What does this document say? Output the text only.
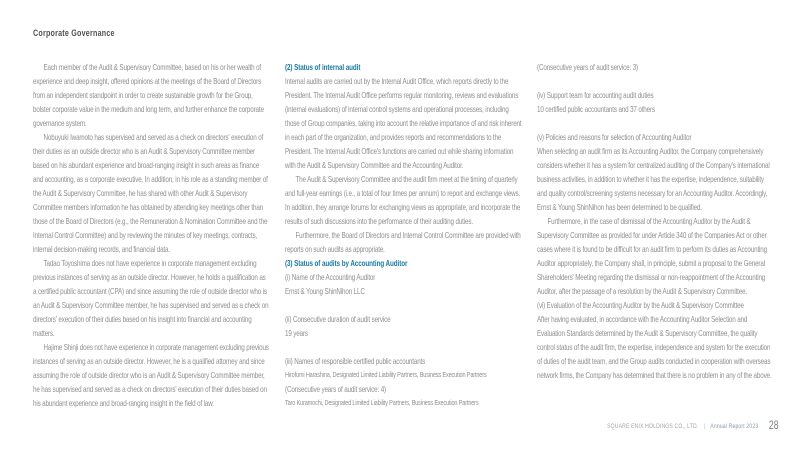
Corporate Governance

Each member of the Audit & Supervisory Committee, based on his or her wealth of experience and deep insight, offered opinions at the meetings of the Board of Directors from an independent standpoint in order to create sustainable growth for the Group, bolster corporate value in the medium and long term, and further enhance the corporate governance system.

Nobuyuki Iwamoto has supervised and served as a check on directors' execution of their duties as an outside director who is an Audit & Supervisory Committee member based on his abundant experience and broad-ranging insight in such areas as finance and accounting, as a corporate executive. In addition, in his role as a standing member of the Audit & Supervisory Committee, he has shared with other Audit & Supervisory Committee members information he has obtained by attending key meetings other than those of the Board of Directors (e.g., the Remuneration & Nomination Committee and the Internal Control Committee) and by reviewing the minutes of key meetings, contracts, internal decision-making records, and financial data.

Tadao Toyoshima does not have experience in corporate management excluding previous instances of serving as an outside director. However, he holds a qualification as a certified public accountant (CPA) and since assuming the role of outside director who is an Audit & Supervisory Committee member, he has supervised and served as a check on directors' execution of their duties based on his insight into financial and accounting matters.

Hajime Shinji does not have experience in corporate management excluding previous instances of serving as an outside director. However, he is a qualified attorney and since assuming the role of outside director who is an Audit & Supervisory Committee member, he has supervised and served as a check on directors' execution of their duties based on his abundant experience and broad-ranging insight in the field of law.

(2) Status of internal audit

Internal audits are carried out by the Internal Audit Office, which reports directly to the President. The Internal Audit Office performs regular monitoring, reviews and evaluations (internal evaluations) of internal control systems and operational processes, including those of Group companies, taking into account the relative importance of and risk inherent in each part of the organization, and provides reports and recommendations to the President. The Internal Audit Office's functions are carried out while sharing information with the Audit & Supervisory Committee and the Accounting Auditor.

The Audit & Supervisory Committee and the audit firm meet at the timing of quarterly and full-year earnings (i.e., a total of four times per annum) to report and exchange views. In addition, they arrange forums for exchanging views as appropriate, and incorporate the results of such discussions into the performance of their auditing duties.

Furthermore, the Board of Directors and Internal Control Committee are provided with reports on such audits as appropriate.

(3) Status of audits by Accounting Auditor

(i) Name of the Accounting Auditor
Ernst & Young ShinNihon LLC
(ii) Consecutive duration of audit service
19 years
(iii) Names of responsible certified public accountants
Hirofumi Harashina, Designated Limited Liability Partners, Business Execution Partners
(Consecutive years of audit service: 4)
Taro Kuramochi, Designated Limited Liability Partners, Business Execution Partners
(Consecutive years of audit service: 3)
(iv) Support team for accounting audit duties
10 certified public accountants and 37 others
(v) Policies and reasons for selection of Accounting Auditor

When selecting an audit firm as its Accounting Auditor, the Company comprehensively considers whether it has a system for centralized auditing of the Company's international business activities, in addition to whether it has the expertise, independence, suitability and quality control/screening systems necessary for an Accounting Auditor. Accordingly, Ernst & Young ShinNihon has been determined to be qualified.

Furthermore, in the case of dismissal of the Accounting Auditor by the Audit & Supervisory Committee as provided for under Article 340 of the Companies Act or other cases where it is found to be difficult for an audit firm to perform its duties as Accounting Auditor appropriately, the Company shall, in principle, submit a proposal to the General Shareholders' Meeting regarding the dismissal or non-reappointment of the Accounting Auditor, after the passage of a resolution by the Audit & Supervisory Committee.

(vi) Evaluation of the Accounting Auditor by the Audit & Supervisory Committee

After having evaluated, in accordance with the Accounting Auditor Selection and Evaluation Standards determined by the Audit & Supervisory Committee, the quality control status of the audit firm, the expertise, independence and system for the execution of duties of the audit team, and the Group audits conducted in cooperation with overseas network firms, the Company has determined that there is no problem in any of the above.

SQUARE ENIX HOLDINGS CO., LTD. | Annual Report 2023 28
